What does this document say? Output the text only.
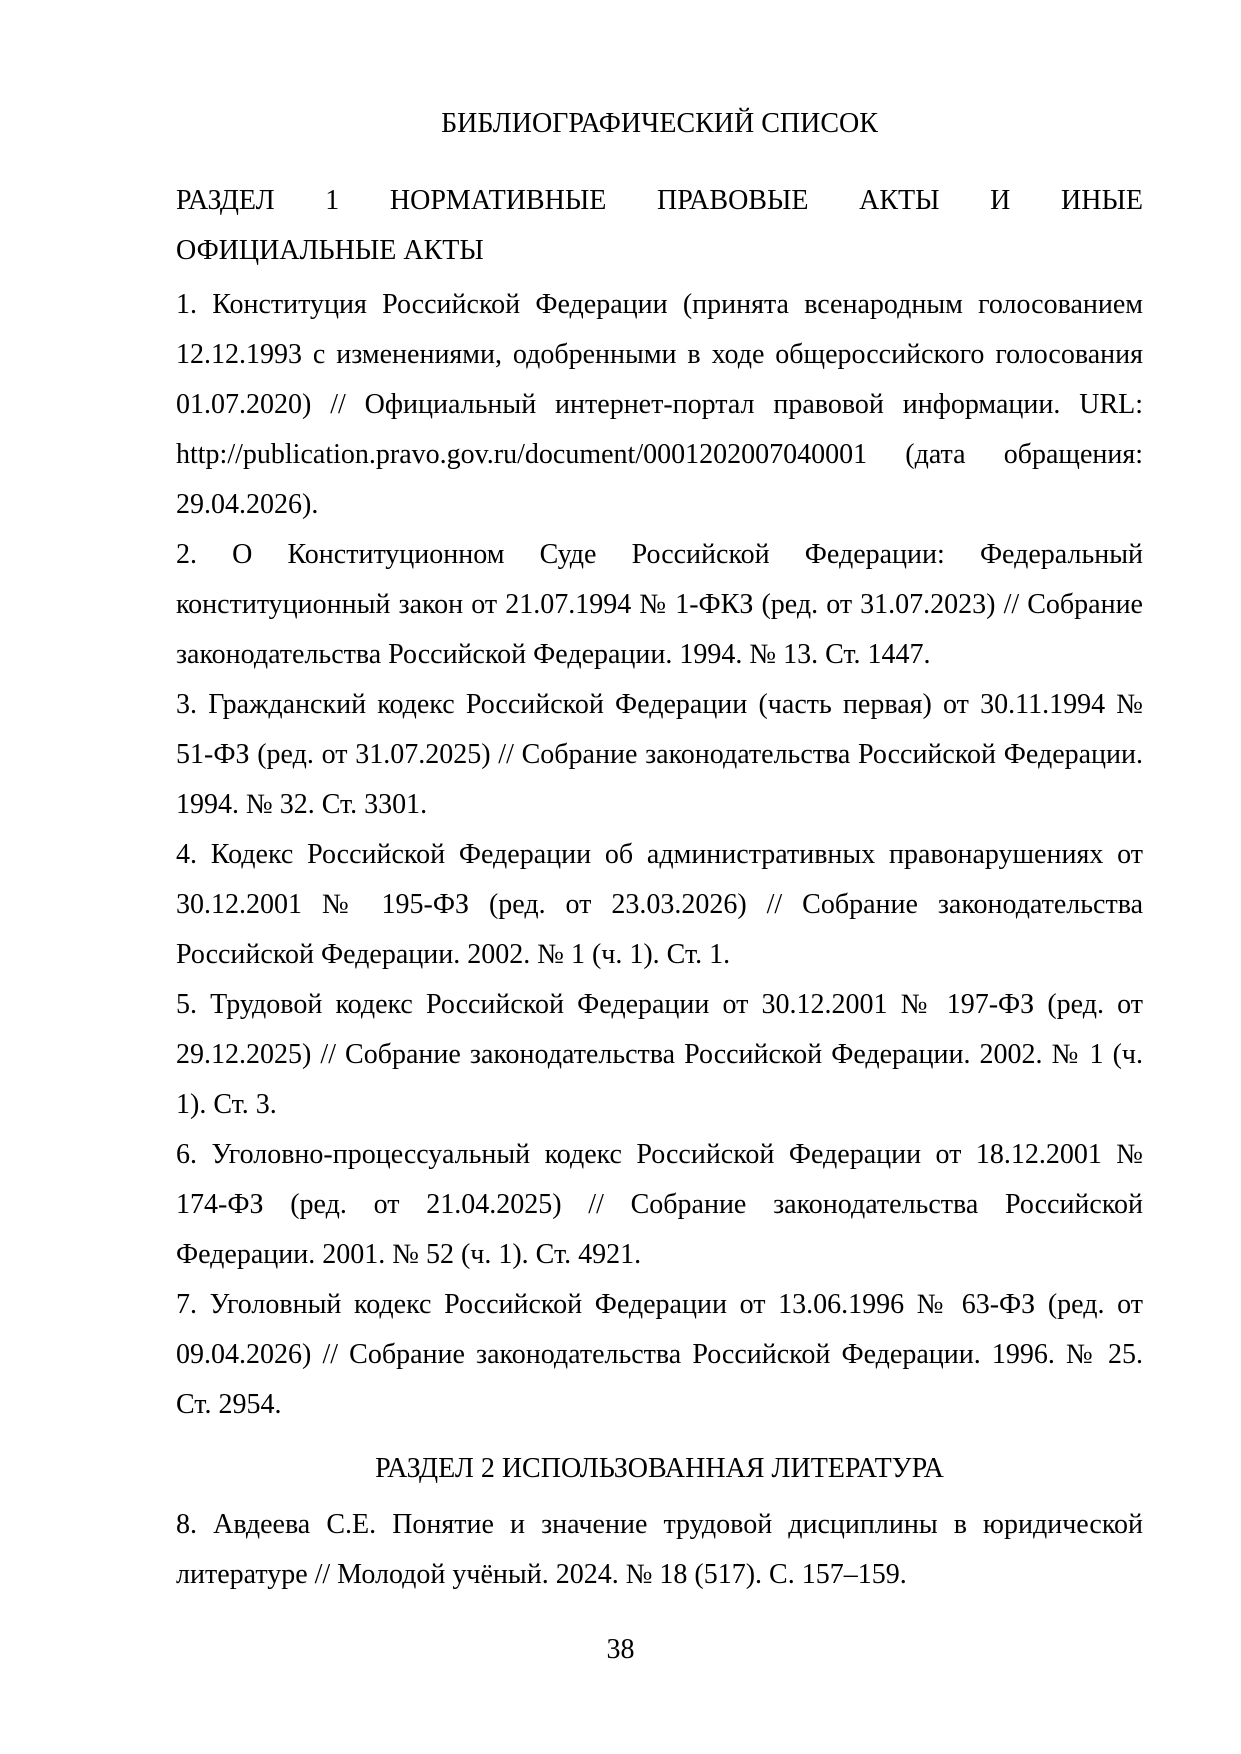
БИБЛИОГРАФИЧЕСКИЙ СПИСОК

РАЗДЕЛ 1 НОРМАТИВНЫЕ ПРАВОВЫЕ АКТЫ И ИНЫЕ
ОФИЦИАЛЬНЫЕ АКТЫ

1. Конституция Российской Федерации (принята всенародным голосованием 12.12.1993 с изменениями, одобренными в ходе общероссийского голосования 01.07.2020) // Официальный интернет-портал правовой информации. URL: http://publication.pravo.gov.ru/document/0001202007040001 (дата обращения: 29.04.2026).

2. О Конституционном Суде Российской Федерации: Федеральный конституционный закон от 21.07.1994 № 1-ФКЗ (ред. от 31.07.2023) // Собрание законодательства Российской Федерации. 1994. № 13. Ст. 1447.

3. Гражданский кодекс Российской Федерации (часть первая) от 30.11.1994 № 51-ФЗ (ред. от 31.07.2025) // Собрание законодательства Российской Федерации. 1994. № 32. Ст. 3301.

4. Кодекс Российской Федерации об административных правонарушениях от 30.12.2001 № 195-ФЗ (ред. от 23.03.2026) // Собрание законодательства Российской Федерации. 2002. № 1 (ч. 1). Ст. 1.

5. Трудовой кодекс Российской Федерации от 30.12.2001 № 197-ФЗ (ред. от 29.12.2025) // Собрание законодательства Российской Федерации. 2002. № 1 (ч. 1). Ст. 3.

6. Уголовно-процессуальный кодекс Российской Федерации от 18.12.2001 № 174-ФЗ (ред. от 21.04.2025) // Собрание законодательства Российской Федерации. 2001. № 52 (ч. 1). Ст. 4921.

7. Уголовный кодекс Российской Федерации от 13.06.1996 № 63-ФЗ (ред. от 09.04.2026) // Собрание законодательства Российской Федерации. 1996. № 25. Ст. 2954.

РАЗДЕЛ 2 ИСПОЛЬЗОВАННАЯ ЛИТЕРАТУРА

8. Авдеева С.Е. Понятие и значение трудовой дисциплины в юридической литературе // Молодой учёный. 2024. № 18 (517). С. 157–159.

38
